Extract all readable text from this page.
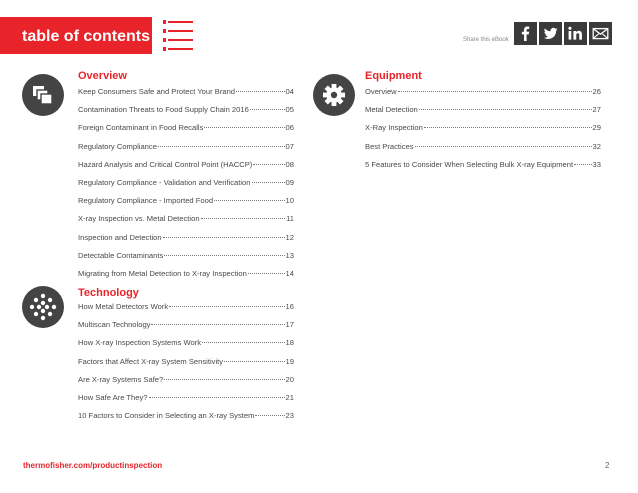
table of contents	Share this eBook
Overview
Keep Consumers Safe and Protect Your Brand	04
Contamination Threats to Food Supply Chain 2016	05
Foreign Contaminant in Food Recalls	06
Regulatory Compliance	07
Hazard Analysis and Critical Control Point (HACCP)	08
Regulatory Compliance - Validation and Verification	09
Regulatory Compliance - Imported Food	10
X-ray Inspection vs. Metal Detection	11
Inspection and Detection	12
Detectable Contaminants	13
Migrating from Metal Detection to X-ray Inspection	14
Technology
How Metal Detectors Work	16
Multiscan Technology	17
How X-ray Inspection Systems Work	18
Factors that Affect X-ray System Sensitivity	19
Are X-ray Systems Safe?	20
How Safe Are They?	21
10 Factors to Consider in Selecting an X-ray System	23
Equipment
Overview	26
Metal Detection	27
X-Ray Inspection	29
Best Practices	32
5 Features to Consider When Selecting Bulk X-ray Equipment	33
thermofisher.com/productinspection	2
